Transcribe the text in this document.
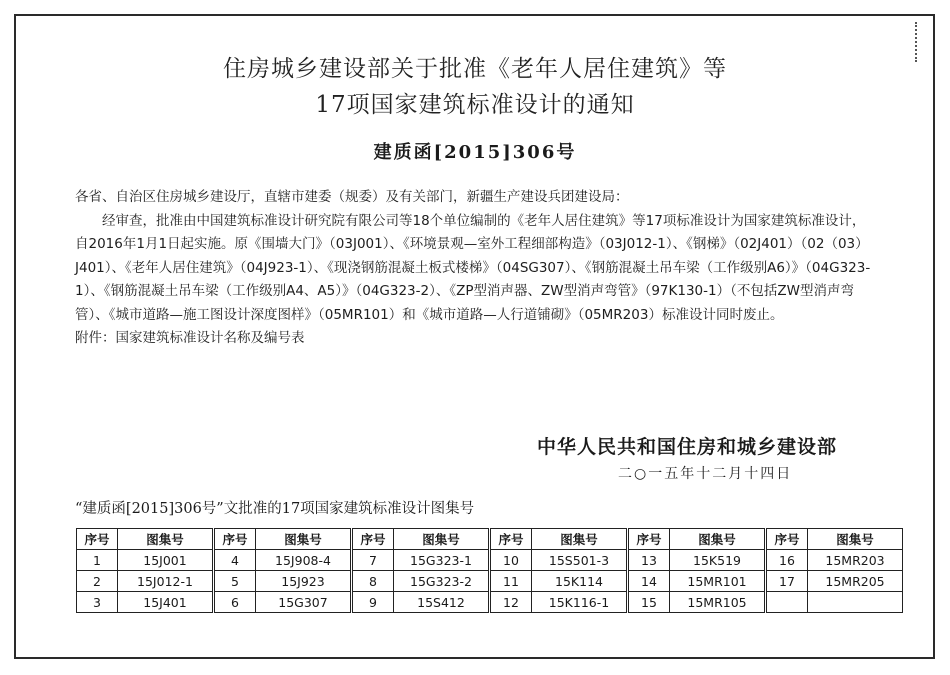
住房城乡建设部关于批准《老年人居住建筑》等
17项国家建筑标准设计的通知
建质函[2015]306号

各省、自治区住房城乡建设厅，直辖市建委（规委）及有关部门，新疆生产建设兵团建设局：

经审查，批准由中国建筑标准设计研究院有限公司等18个单位编制的《老年人居住建筑》等17项标准设计为国家建筑标准设计，自2016年1月1日起实施。原《围墙大门》（03J001）、《环境景观—室外工程细部构造》（03J012-1）、《钢梯》（02J401）（02（03）J401）、《老年人居住建筑》（04J923-1）、《现浇钢筋混凝土板式楼梯》（04SG307）、《钢筋混凝土吊车梁（工作级别A6）》（04G323-1）、《钢筋混凝土吊车梁（工作级别A4、A5）》（04G323-2）、《ZP型消声器、ZW型消声弯管》（97K130-1）（不包括ZW型消声弯管）、《城市道路—施工图设计深度图样》（05MR101）和《城市道路—人行道铺砌》（05MR203）标准设计同时废止。

附件：国家建筑标准设计名称及编号表

中华人民共和国住房和城乡建设部
二○一五年十二月十四日
“建质函[2015]306号”文批准的17项国家建筑标准设计图集号
序号	图集号	序号	图集号	序号	图集号	序号	图集号	序号	图集号	序号	图集号
1	15J001	4	15J908-4	7	15G323-1	10	15S501-3	13	15K519	16	15MR203
2	15J012-1	5	15J923	8	15G323-2	11	15K114	14	15MR101	17	15MR205
3	15J401	6	15G307	9	15S412	12	15K116-1	15	15MR105		
